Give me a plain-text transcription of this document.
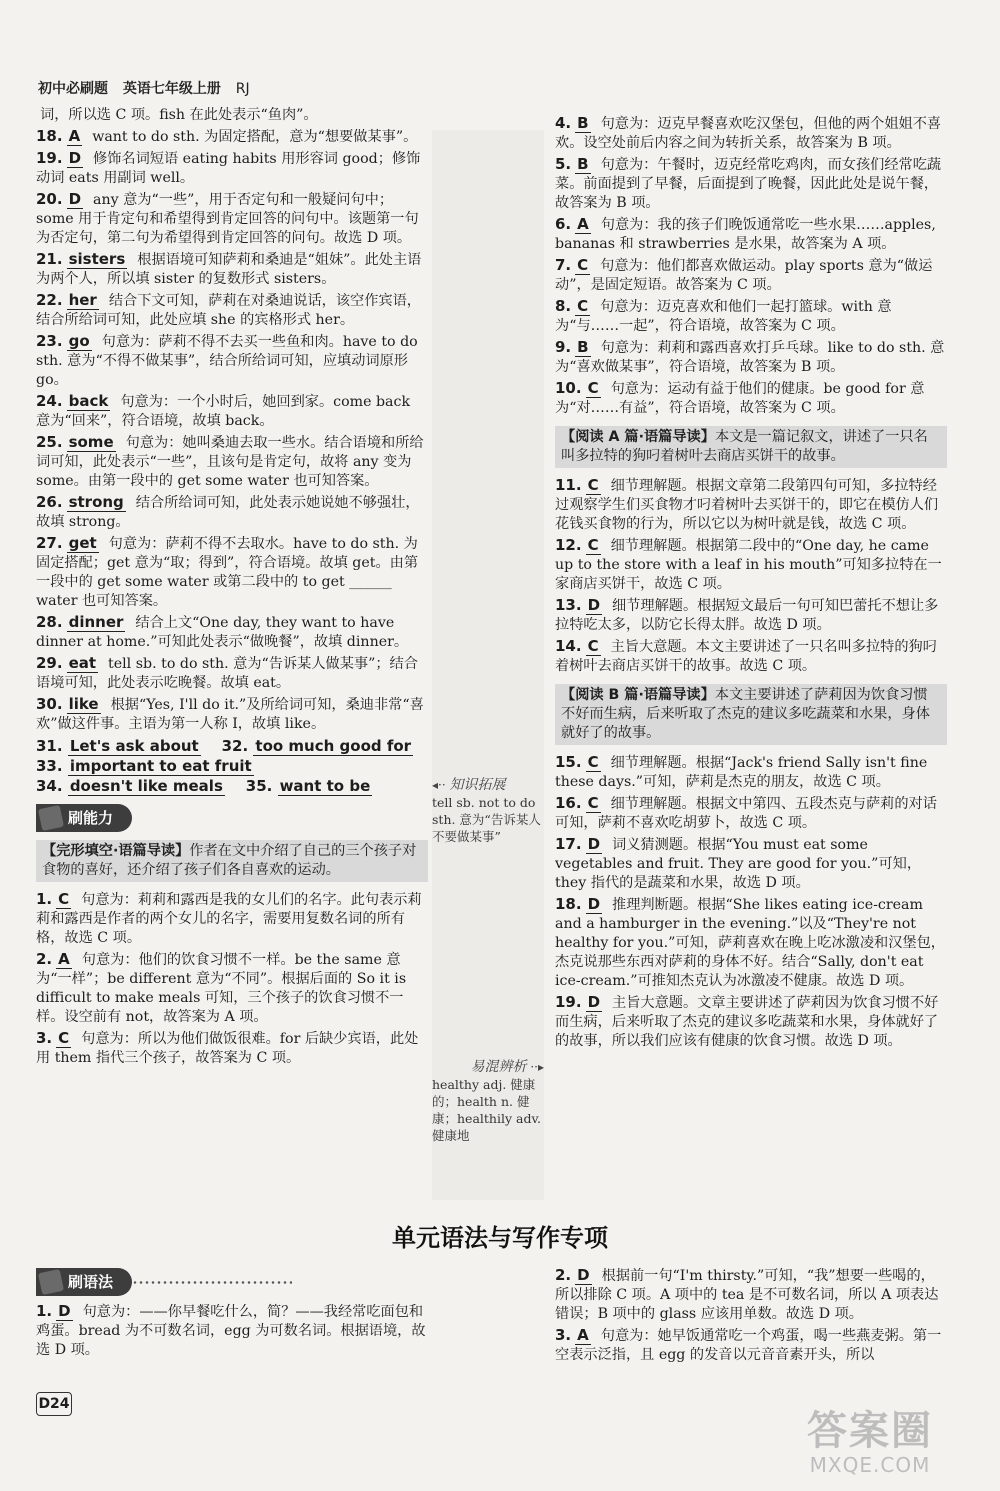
初中必刷题 英语七年级上册 RJ
词，所以选 C 项。fish 在此处表示“鱼肉”。
18. A want to do sth. 为固定搭配，意为“想要做某事”。
19. D 修饰名词短语 eating habits 用形容词 good；修饰动词 eats 用副词 well。
20. D any 意为“一些”，用于否定句和一般疑问句中；some 用于肯定句和希望得到肯定回答的问句中。该题第一句为否定句，第二句为希望得到肯定回答的问句。故选 D 项。
21. sisters 根据语境可知萨莉和桑迪是“姐妹”。此处主语为两个人，所以填 sister 的复数形式 sisters。
22. her 结合下文可知，萨莉在对桑迪说话，该空作宾语，结合所给词可知，此处应填 she 的宾格形式 her。
23. go 句意为：萨莉不得不去买一些鱼和肉。have to do sth. 意为“不得不做某事”，结合所给词可知，应填动词原形 go。
24. back 句意为：一个小时后，她回到家。come back 意为“回来”，符合语境，故填 back。
25. some 句意为：她叫桑迪去取一些水。结合语境和所给词可知，此处表示“一些”，且该句是肯定句，故将 any 变为 some。由第一段中的 get some water 也可知答案。
26. strong 结合所给词可知，此处表示她说她不够强壮，故填 strong。
27. get 句意为：萨莉不得不去取水。have to do sth. 为固定搭配；get 意为“取；得到”，符合语境。故填 get。由第一段中的 get some water 或第二段中的 to get ______ water 也可知答案。
28. dinner 结合上文“One day, they want to have dinner at home.”可知此处表示“做晚餐”，故填 dinner。
29. eat tell sb. to do sth. 意为“告诉某人做某事”；结合语境可知，此处表示吃晚餐。故填 eat。
30. like 根据“Yes, I'll do it.”及所给词可知，桑迪非常“喜欢”做这件事。主语为第一人称 I，故填 like。
31. Let's ask about 32. too much good for
33. important to eat fruit
34. doesn't like meals 35. want to be
刷能力
【完形填空·语篇导读】作者在文中介绍了自己的三个孩子对食物的喜好，还介绍了孩子们各自喜欢的运动。
1. C 句意为：莉莉和露西是我的女儿们的名字。此句表示莉莉和露西是作者的两个女儿的名字，需要用复数名词的所有格，故选 C 项。
2. A 句意为：他们的饮食习惯不一样。be the same 意为“一样”；be different 意为“不同”。根据后面的 So it is difficult to make meals 可知，三个孩子的饮食习惯不一样。设空前有 not，故答案为 A 项。
3. C 句意为：所以为他们做饭很难。for 后缺少宾语，此处用 them 指代三个孩子，故答案为 C 项。
◂·· 知识拓展
tell sb. not to do sth. 意为“告诉某人不要做某事”
易混辨析 ··▸
healthy adj. 健康的；health n. 健康；healthily adv. 健康地
4. B 句意为：迈克早餐喜欢吃汉堡包，但他的两个姐姐不喜欢。设空处前后内容之间为转折关系，故答案为 B 项。
5. B 句意为：午餐时，迈克经常吃鸡肉，而女孩们经常吃蔬菜。前面提到了早餐，后面提到了晚餐，因此此处是说午餐，故答案为 B 项。
6. A 句意为：我的孩子们晚饭通常吃一些水果……apples, bananas 和 strawberries 是水果，故答案为 A 项。
7. C 句意为：他们都喜欢做运动。play sports 意为“做运动”，是固定短语。故答案为 C 项。
8. C 句意为：迈克喜欢和他们一起打篮球。with 意为“与……一起”，符合语境，故答案为 C 项。
9. B 句意为：莉莉和露西喜欢打乒乓球。like to do sth. 意为“喜欢做某事”，符合语境，故答案为 B 项。
10. C 句意为：运动有益于他们的健康。be good for 意为“对……有益”，符合语境，故答案为 C 项。
【阅读 A 篇·语篇导读】本文是一篇记叙文，讲述了一只名叫多拉特的狗叼着树叶去商店买饼干的故事。
11. C 细节理解题。根据文章第二段第四句可知，多拉特经过观察学生们买食物才叼着树叶去买饼干的，即它在模仿人们花钱买食物的行为，所以它以为树叶就是钱，故选 C 项。
12. C 细节理解题。根据第二段中的“One day, he came up to the store with a leaf in his mouth”可知多拉特在一家商店买饼干，故选 C 项。
13. D 细节理解题。根据短文最后一句可知巴蕾托不想让多拉特吃太多，以防它长得太胖。故选 D 项。
14. C 主旨大意题。本文主要讲述了一只名叫多拉特的狗叼着树叶去商店买饼干的故事。故选 C 项。
【阅读 B 篇·语篇导读】本文主要讲述了萨莉因为饮食习惯不好而生病，后来听取了杰克的建议多吃蔬菜和水果，身体就好了的故事。
15. C 细节理解题。根据“Jack's friend Sally isn't fine these days.”可知，萨莉是杰克的朋友，故选 C 项。
16. C 细节理解题。根据文中第四、五段杰克与萨莉的对话可知，萨莉不喜欢吃胡萝卜，故选 C 项。
17. D 词义猜测题。根据“You must eat some vegetables and fruit. They are good for you.”可知，they 指代的是蔬菜和水果，故选 D 项。
18. D 推理判断题。根据“She likes eating ice-cream and a hamburger in the evening.”以及“They're not healthy for you.”可知，萨莉喜欢在晚上吃冰激凌和汉堡包，杰克说那些东西对萨莉的身体不好。结合“Sally, don't eat ice-cream.”可推知杰克认为冰激凌不健康。故选 D 项。
19. D 主旨大意题。文章主要讲述了萨莉因为饮食习惯不好而生病，后来听取了杰克的建议多吃蔬菜和水果，身体就好了的故事，所以我们应该有健康的饮食习惯。故选 D 项。
单元语法与写作专项
刷语法
1. D 句意为：——你早餐吃什么，简？——我经常吃面包和鸡蛋。bread 为不可数名词，egg 为可数名词。根据语境，故选 D 项。
2. D 根据前一句“I'm thirsty.”可知，“我”想要一些喝的，所以排除 C 项。A 项中的 tea 是不可数名词，所以 A 项表达错误；B 项中的 glass 应该用单数。故选 D 项。
3. A 句意为：她早饭通常吃一个鸡蛋，喝一些燕麦粥。第一空表示泛指，且 egg 的发音以元音音素开头，所以
D24
答案圈
MXQE.COM
